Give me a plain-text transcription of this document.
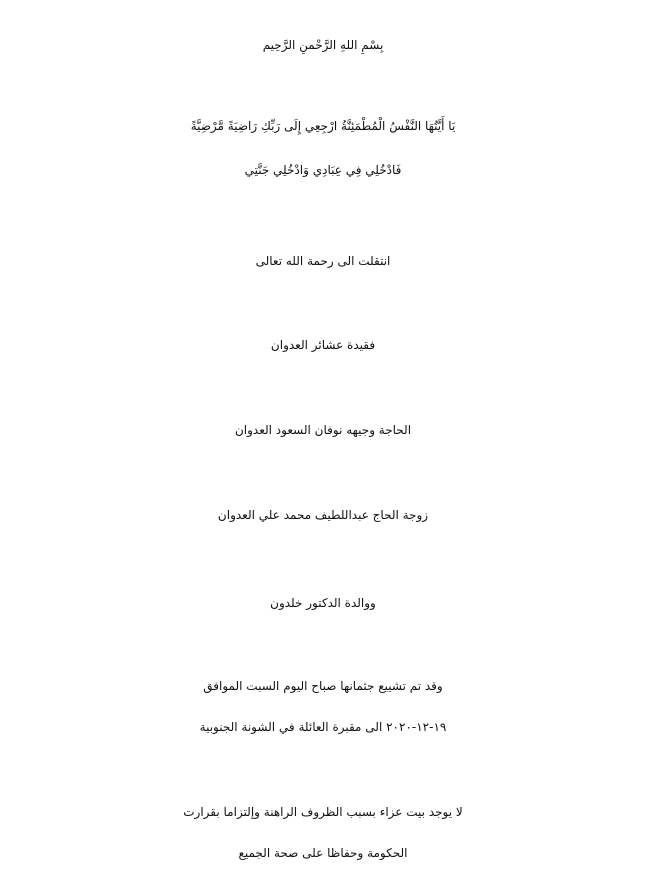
بِسْمِ اللهِ الرَّحْمنِ الرَّحِيم
يَا أَيَّتُهَا النَّفْسُ الْمُطْمَئِنَّةُ ارْجِعِي إِلَى رَبِّكِ رَاضِيَةً مَّرْضِيَّةً
فَادْخُلِي فِي عِبَادِي وَادْخُلِي جَنَّتِي
انتقلت الى رحمة الله تعالى
فقيدة عشائر العدوان
الحاجة وجيهه نوفان السعود العدوان
زوجة الحاج عبداللطيف محمد علي العدوان
ووالدة الدكتور خلدون
وقد تم تشييع جثمانها صباح اليوم السبت الموافق
١٩-١٢-٢٠٢٠ الى مقبرة العائلة في الشونة الجنوبية
لا يوجد بيت عزاء بسبب الظروف الراهنة وإلتزاما بقرارت
الحكومة وحفاظا على صحة الجميع
